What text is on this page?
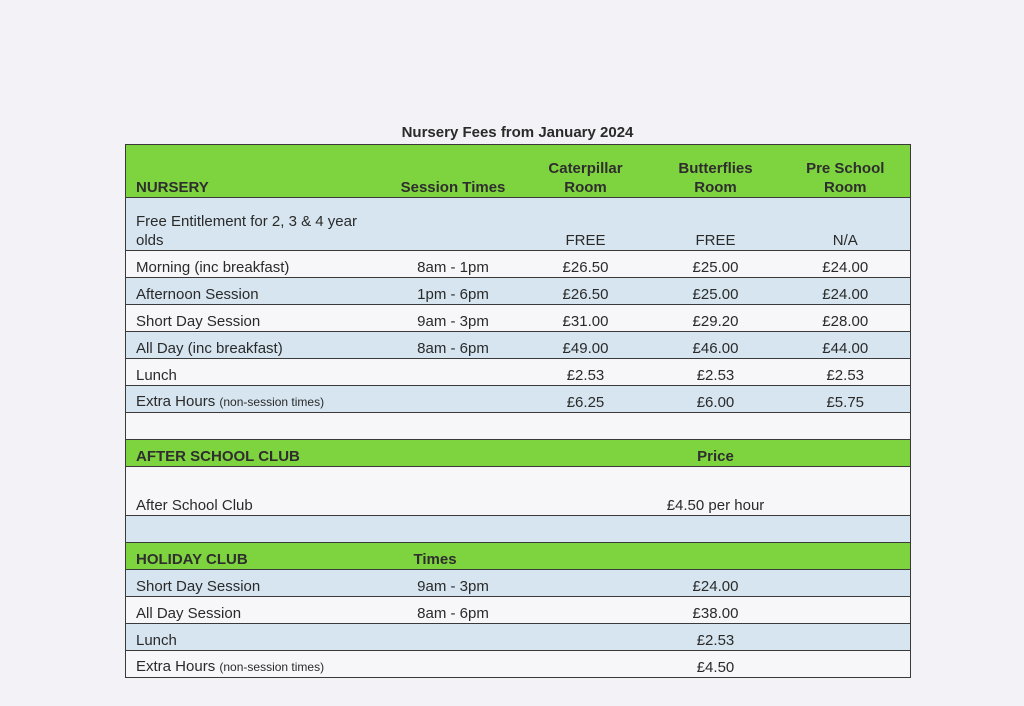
Nursery Fees from January 2024
NURSERY	Session Times	Caterpillar Room	Butterflies Room	Pre School Room
Free Entitlement for 2, 3 & 4 year olds		FREE	FREE	N/A
Morning (inc breakfast)	8am - 1pm	£26.50	£25.00	£24.00
Afternoon Session	1pm - 6pm	£26.50	£25.00	£24.00
Short Day Session	9am - 3pm	£31.00	£29.20	£28.00
All Day (inc breakfast)	8am - 6pm	£49.00	£46.00	£44.00
Lunch		£2.53	£2.53	£2.53
Extra Hours (non-session times)		£6.25	£6.00	£5.75

AFTER SCHOOL CLUB			Price	
After School Club			£4.50 per hour	

HOLIDAY CLUB	Times			
Short Day Session	9am - 3pm		£24.00	
All Day Session	8am - 6pm		£38.00	
Lunch			£2.53	
Extra Hours (non-session times)			£4.50	
